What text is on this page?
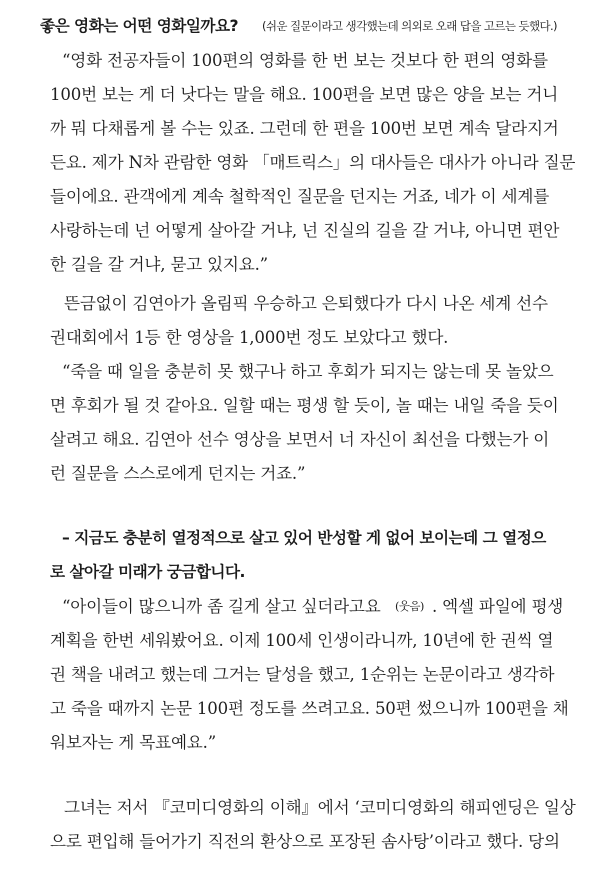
좋은 영화는 어떤 영화일까요? (쉬운 질문이라고 생각했는데 의외로 오래 답을 고르는 듯했다.)
“영화 전공자들이 100편의 영화를 한 번 보는 것보다 한 편의 영화를
100번 보는 게 더 낫다는 말을 해요. 100편을 보면 많은 양을 보는 거니
까 뭐 다채롭게 볼 수는 있죠. 그런데 한 편을 100번 보면 계속 달라지거
든요. 제가 N차 관람한 영화 「매트릭스」의 대사들은 대사가 아니라 질문
들이에요. 관객에게 계속 철학적인 질문을 던지는 거죠, 네가 이 세계를
사랑하는데 넌 어떻게 살아갈 거냐, 넌 진실의 길을 갈 거냐, 아니면 편안
한 길을 갈 거냐, 묻고 있지요.”
뜬금없이 김연아가 올림픽 우승하고 은퇴했다가 다시 나온 세계 선수
권대회에서 1등 한 영상을 1,000번 정도 보았다고 했다.
“죽을 때 일을 충분히 못 했구나 하고 후회가 되지는 않는데 못 놀았으
면 후회가 될 것 같아요. 일할 때는 평생 할 듯이, 놀 때는 내일 죽을 듯이
살려고 해요. 김연아 선수 영상을 보면서 너 자신이 최선을 다했는가 이
런 질문을 스스로에게 던지는 거죠.”
– 지금도 충분히 열정적으로 살고 있어 반성할 게 없어 보이는데 그 열정으
로 살아갈 미래가 궁금합니다.
“아이들이 많으니까 좀 길게 살고 싶더라고요 (웃음) . 엑셀 파일에 평생
계획을 한번 세워봤어요. 이제 100세 인생이라니까, 10년에 한 권씩 열
권 책을 내려고 했는데 그거는 달성을 했고, 1순위는 논문이라고 생각하
고 죽을 때까지 논문 100편 정도를 쓰려고요. 50편 썼으니까 100편을 채
워보자는 게 목표예요.”
그녀는 저서 『코미디영화의 이해』에서 ‘코미디영화의 해피엔딩은 일상
으로 편입해 들어가기 직전의 환상으로 포장된 솜사탕’이라고 했다. 당의
